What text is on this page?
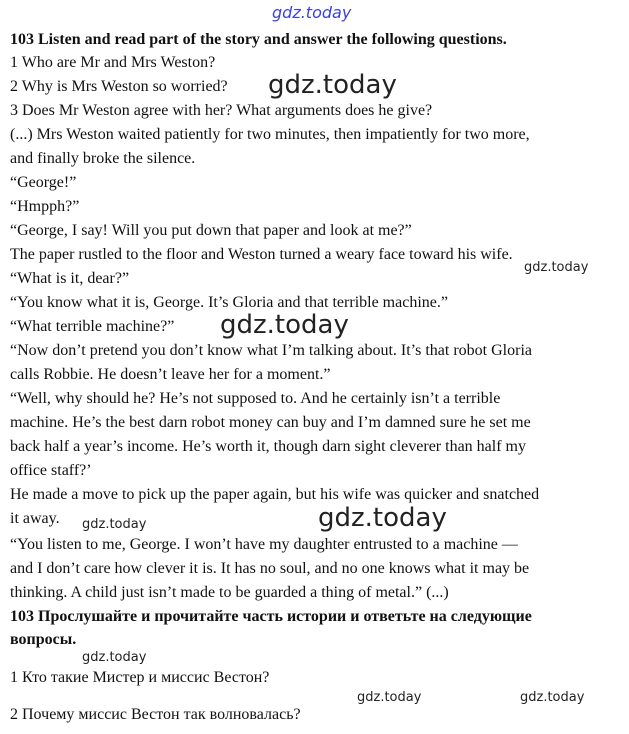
gdz.today
103 Listen and read part of the story and answer the following questions.
1 Who are Mr and Mrs Weston?
2 Why is Mrs Weston so worried?
3 Does Mr Weston agree with her? What arguments does he give?
(...) Mrs Weston waited patiently for two minutes, then impatiently for two more,
and finally broke the silence.
“George!”
“Hmpph?”
“George, I say! Will you put down that paper and look at me?”
The paper rustled to the floor and Weston turned a weary face toward his wife.
“What is it, dear?”
“You know what it is, George. It’s Gloria and that terrible machine.”
“What terrible machine?”
“Now don’t pretend you don’t know what I’m talking about. It’s that robot Gloria
calls Robbie. He doesn’t leave her for a moment.”
“Well, why should he? He’s not supposed to. And he certainly isn’t a terrible
machine. He’s the best darn robot money can buy and I’m damned sure he set me
back half a year’s income. He’s worth it, though darn sight cleverer than half my
office staff?’
He made a move to pick up the paper again, but his wife was quicker and snatched
it away.
“You listen to me, George. I won’t have my daughter entrusted to a machine —
and I don’t care how clever it is. It has no soul, and no one knows what it may be
thinking. A child just isn’t made to be guarded a thing of metal.” (...)
103 Прослушайте и прочитайте часть истории и ответьте на следующие
вопросы.
1 Кто такие Мистер и миссис Вестон?
2 Почему миссис Вестон так волновалась?
gdz.today
gdz.today
gdz.today
gdz.today
gdz.today
gdz.today
gdz.today	gdz.today
